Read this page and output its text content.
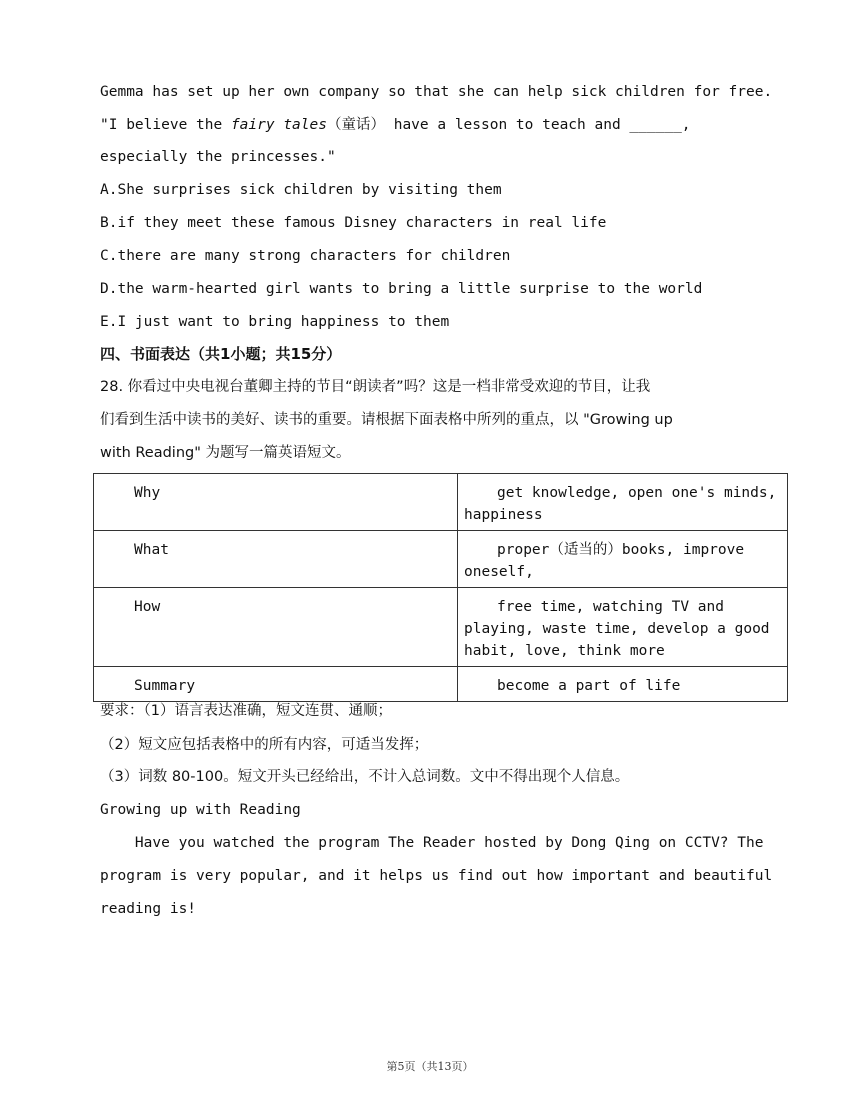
Gemma has set up her own company so that she can help sick children for free.
"I believe the fairy tales（童话） have a lesson to teach and ______,
especially the princesses."
A.She surprises sick children by visiting them
B.if they meet these famous Disney characters in real life
C.there are many strong characters for children
D.the warm-hearted girl wants to bring a little surprise to the world
E.I just want to bring happiness to them
四、书面表达（共1小题；共15分）
28. 你看过中央电视台董卿主持的节目“朗读者”吗？这是一档非常受欢迎的节目，让我
们看到生活中读书的美好、读书的重要。请根据下面表格中所列的重点，以 "Growing up
with Reading" 为题写一篇英语短文。
Why	get knowledge, open one's minds, happiness
What	proper（适当的）books, improve oneself,
How	free time, watching TV and playing, waste time, develop a good habit, love, think more
Summary	become a part of life
要求：（1）语言表达准确，短文连贯、通顺；
（2）短文应包括表格中的所有内容，可适当发挥；
（3）词数 80-100。短文开头已经给出，不计入总词数。文中不得出现个人信息。
Growing up with Reading
Have you watched the program The Reader hosted by Dong Qing on CCTV? The
program is very popular, and it helps us find out how important and beautiful
reading is!
第5页（共13页）
